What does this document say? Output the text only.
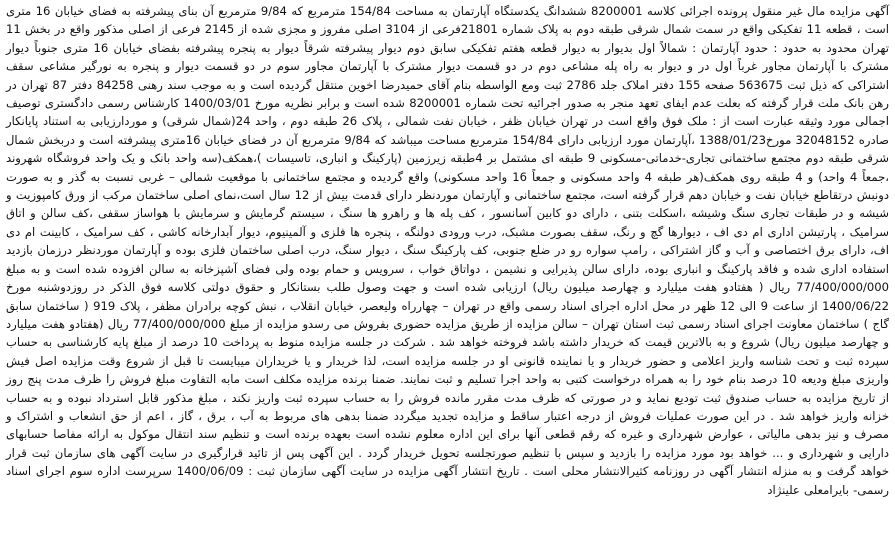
آگهی مزایده مال غیر منقول پرونده اجرائی کلاسه 8200001 ششدانگ یکدستگاه آپارتمان به مساحت 154/84 مترمربع که 9/84 مترمربع آن بنای پیشرفته به فضای خیابان 16 متری است ، قطعه 11 تفکیکی واقع در سمت شمال شرقی طبقه دوم به پلاک شماره 21801فرعی از 3104 اصلی مفروز و مجزی شده از 2145 فرعی از اصلی مذکور واقع در بخش 11 تهران محدود به حدود : حدود آپارتمان : شمالاً اول بدیوار به دیوار قطعه هفتم تفکیکی سابق دوم دیوار پیشرفته شرقاً دیوار به پنجره پیشرفته بفضای خیابان 16 متری جنوباً دیوار مشترک با آپارتمان مجاور غرباً اول در و دیوار به راه پله مشاعی دوم در دو قسمت دیوار مشترک با آپارتمان مجاور سوم در دو قسمت دیوار و پنجره به نورگیر مشاعی سقف اشتراکی که ذیل ثبت 563675 صفحه 155 دفتر املاک جلد 2786 ثبت ومع الواسطه بنام آقای حمیدرضا اخوین منتقل گردیده است و به موجب سند رهنی 84258 دفتر 87 تهران در رهن بانک ملت قرار گرفته که بعلت عدم ایفای تعهد منجر به صدور اجرائیه تحت شماره 8200001 شده است و برابر نظریه مورخ 1400/03/01 کارشناس رسمی دادگستری توصیف اجمالی مورد وثیقه عبارت است از : ملک فوق واقع است در تهران خیابان ظفر ، خیابان نفت شمالی ، پلاک 26 طبقه دوم ، واحد 24(شمال شرقی) و موردارزیابی به استناد پایانکار صادره 32048152 مورخ1388/01/23 ،آپارتمان مورد ارزیابی دارای 154/84 مترمربع مساحت میباشد که 9/84 مترمربع آن در فضای خیابان 16متری پیشرفته است و دربخش شمال شرقی طبقه دوم مجتمع ساختمانی تجاری-خدماتی-مسکونی 9 طبقه ای مشتمل بر 4طبقه زیرزمین (پارکینگ و انباری، تاسیسات )،همکف(سه واحد بانک و یک واحد فروشگاه شهروند ،جمعاً 4 واحد) و 4 طبقه روی همکف(هر طبقه 4 واحد مسکونی و جمعاً 16 واحد مسکونی) واقع گردیده و مجتمع ساختمانی با موقعیت شمالی – غربی نسبت به گذر و به صورت دونبش درتقاطع خیابان نفت و خیابان دهم قرار گرفته است، مجتمع ساختمانی و آپارتمان موردنظر دارای قدمت بیش از 12 سال است،نمای اصلی ساختمان مرکب از ورق کامپوزیت و شیشه و در طبقات تجاری سنگ وشیشه ،اسکلت بتنی ، دارای دو کابین آسانسور ، کف پله ها و راهرو ها سنگ ، سیستم گرمایش و سرمایش با هواساز سقفی ،کف سالن و اتاق سرامیک ، پارتیشن اداری ام دی اف ، دیوارها گچ و رنگ، سقف بصورت مشبک، درب ورودی دولنگه ، پنجره ها فلزی و آلمینیوم، دیوار آبدارخانه کاشی ، کف سرامیک ، کابینت ام دی اف، دارای برق اختصاصی و آب و گاز اشتراکی ، رامپ سواره رو در ضلع جنوبی، کف پارکینگ سنگ ، دیوار سنگ، درب اصلی ساختمان فلزی بوده و آپارتمان موردنظر درزمان بازدید استفاده اداری شده و فاقد پارکینگ و انباری بوده، دارای سالن پذیرایی و نشیمن ، دواتاق خواب ، سرویس و حمام بوده ولی فضای آشپزخانه به سالن افزوده شده است و به مبلغ 77/400/000/000 ریال ( هفتادو هفت میلیارد و چهارصد میلیون ریال) ارزیابی شده است و جهت وصول طلب بستانکار و حقوق دولتی کلاسه فوق الذکر در روزدوشنبه مورخ 1400/06/22 از ساعت 9 الی 12 ظهر در محل اداره اجرای اسناد رسمی واقع در تهران – چهارراه ولیعصر، خیابان انقلاب ، نبش کوچه برادران مظفر ، پلاک 919 ( ساختمان سابق گاج ) ساختمان معاونت اجرای اسناد رسمی ثبت استان تهران – سالن مزایده از طریق مزایده حضوری بفروش می رسدو مزایده از مبلغ 77/400/000/000 ریال (هفتادو هفت میلیارد و چهارصد میلیون ریال) شروع و به بالاترین قیمت که خریدار داشته باشد فروخته خواهد شد . شرکت در جلسه مزایده منوط به پرداخت 10 درصد از مبلغ پایه کارشناسی به حساب سپرده ثبت و تحت شناسه واریز اعلامی و حضور خریدار و یا نماینده قانونی او در جلسه مزایده است، لذا خریدار و یا خریداران میبایست تا قبل از شروع وقت مزایده اصل فیش واریزی مبلغ ودیعه 10 درصد بنام خود را به همراه درخواست کتبی به واحد اجرا تسلیم و ثبت نمایند. ضمنا برنده مزایده مکلف است مابه التفاوت مبلغ فروش را ظرف مدت پنج روز از تاریخ مزایده به حساب صندوق ثبت تودیع نماید و در صورتی که ظرف مدت مقرر مانده فروش را به حساب سپرده ثبت واریز نکند ، مبلغ مذکور قابل استرداد نبوده و به حساب خزانه واریز خواهد شد . در این صورت عملیات فروش از درجه اعتبار ساقط و مزایده تجدید میگردد ضمنا بدهی های مربوط به آب ، برق ، گاز ، اعم از حق انشعاب و اشتراک و مصرف و نیز بدهی مالیاتی ، عوارض شهرداری و غیره که رقم قطعی آنها برای این اداره معلوم نشده است بعهده برنده است و تنظیم سند انتقال موکول به ارائه مفاصا حسابهای دارایی و شهرداری و ... خواهد بود مورد مزایده را بازدید و سپس با تنظیم صورتجلسه تحویل خریدار گردد . این آگهی پس از تائید قرارگیری در سایت آگهی های سازمان ثبت قرار خواهد گرفت و به منزله انتشار آگهی در روزنامه کثیرالانتشار محلی است . تاریخ انتشار آگهی مزایده در سایت آگهی سازمان ثبت : 1400/06/09 سرپرست اداره سوم اجرای اسناد رسمی- بایرامعلی علینژاد
